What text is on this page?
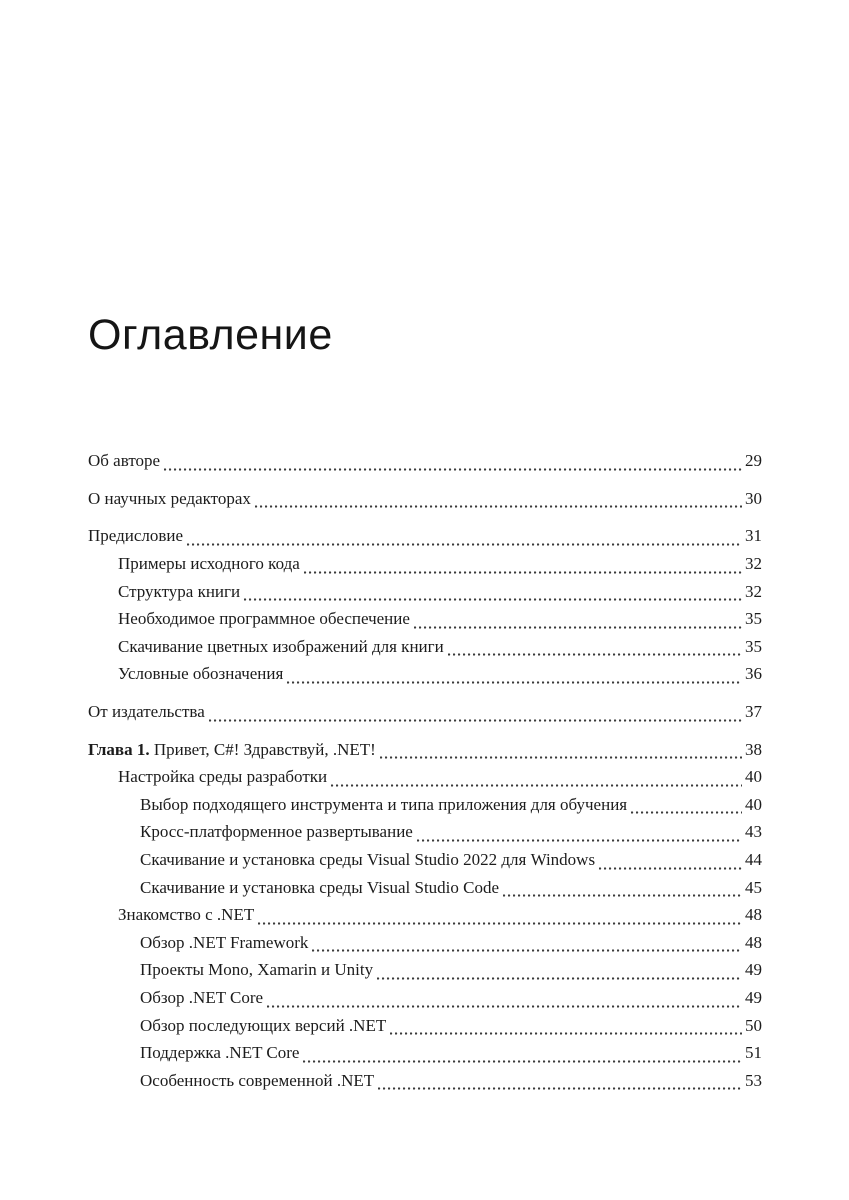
Оглавление
Об авторе	29
О научных редакторах	30
Предисловие	31
Примеры исходного кода	32
Структура книги	32
Необходимое программное обеспечение	35
Скачивание цветных изображений для книги	35
Условные обозначения	36
От издательства	37
Глава 1. Привет, C#! Здравствуй, .NET!	38
Настройка среды разработки	40
Выбор подходящего инструмента и типа приложения для обучения	40
Кросс-платформенное развертывание	43
Скачивание и установка среды Visual Studio 2022 для Windows	44
Скачивание и установка среды Visual Studio Code	45
Знакомство с .NET	48
Обзор .NET Framework	48
Проекты Mono, Xamarin и Unity	49
Обзор .NET Core	49
Обзор последующих версий .NET	50
Поддержка .NET Core	51
Особенность современной .NET	53
